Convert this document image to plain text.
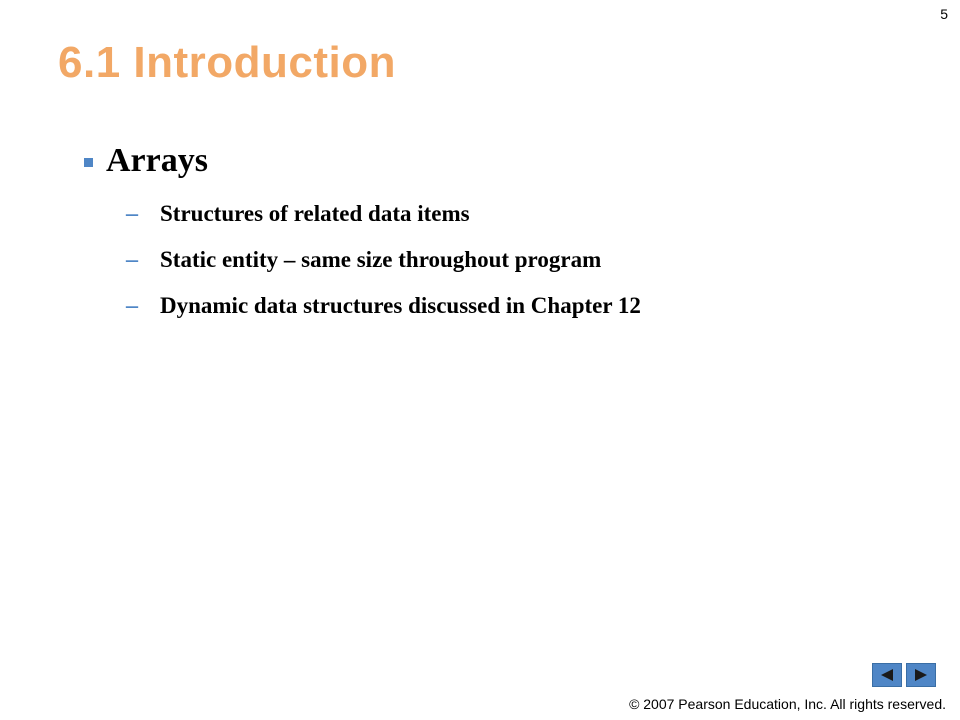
5
6.1 Introduction
Arrays
– Structures of related data items
– Static entity – same size throughout program
– Dynamic data structures discussed in Chapter 12
© 2007 Pearson Education, Inc. All rights reserved.
